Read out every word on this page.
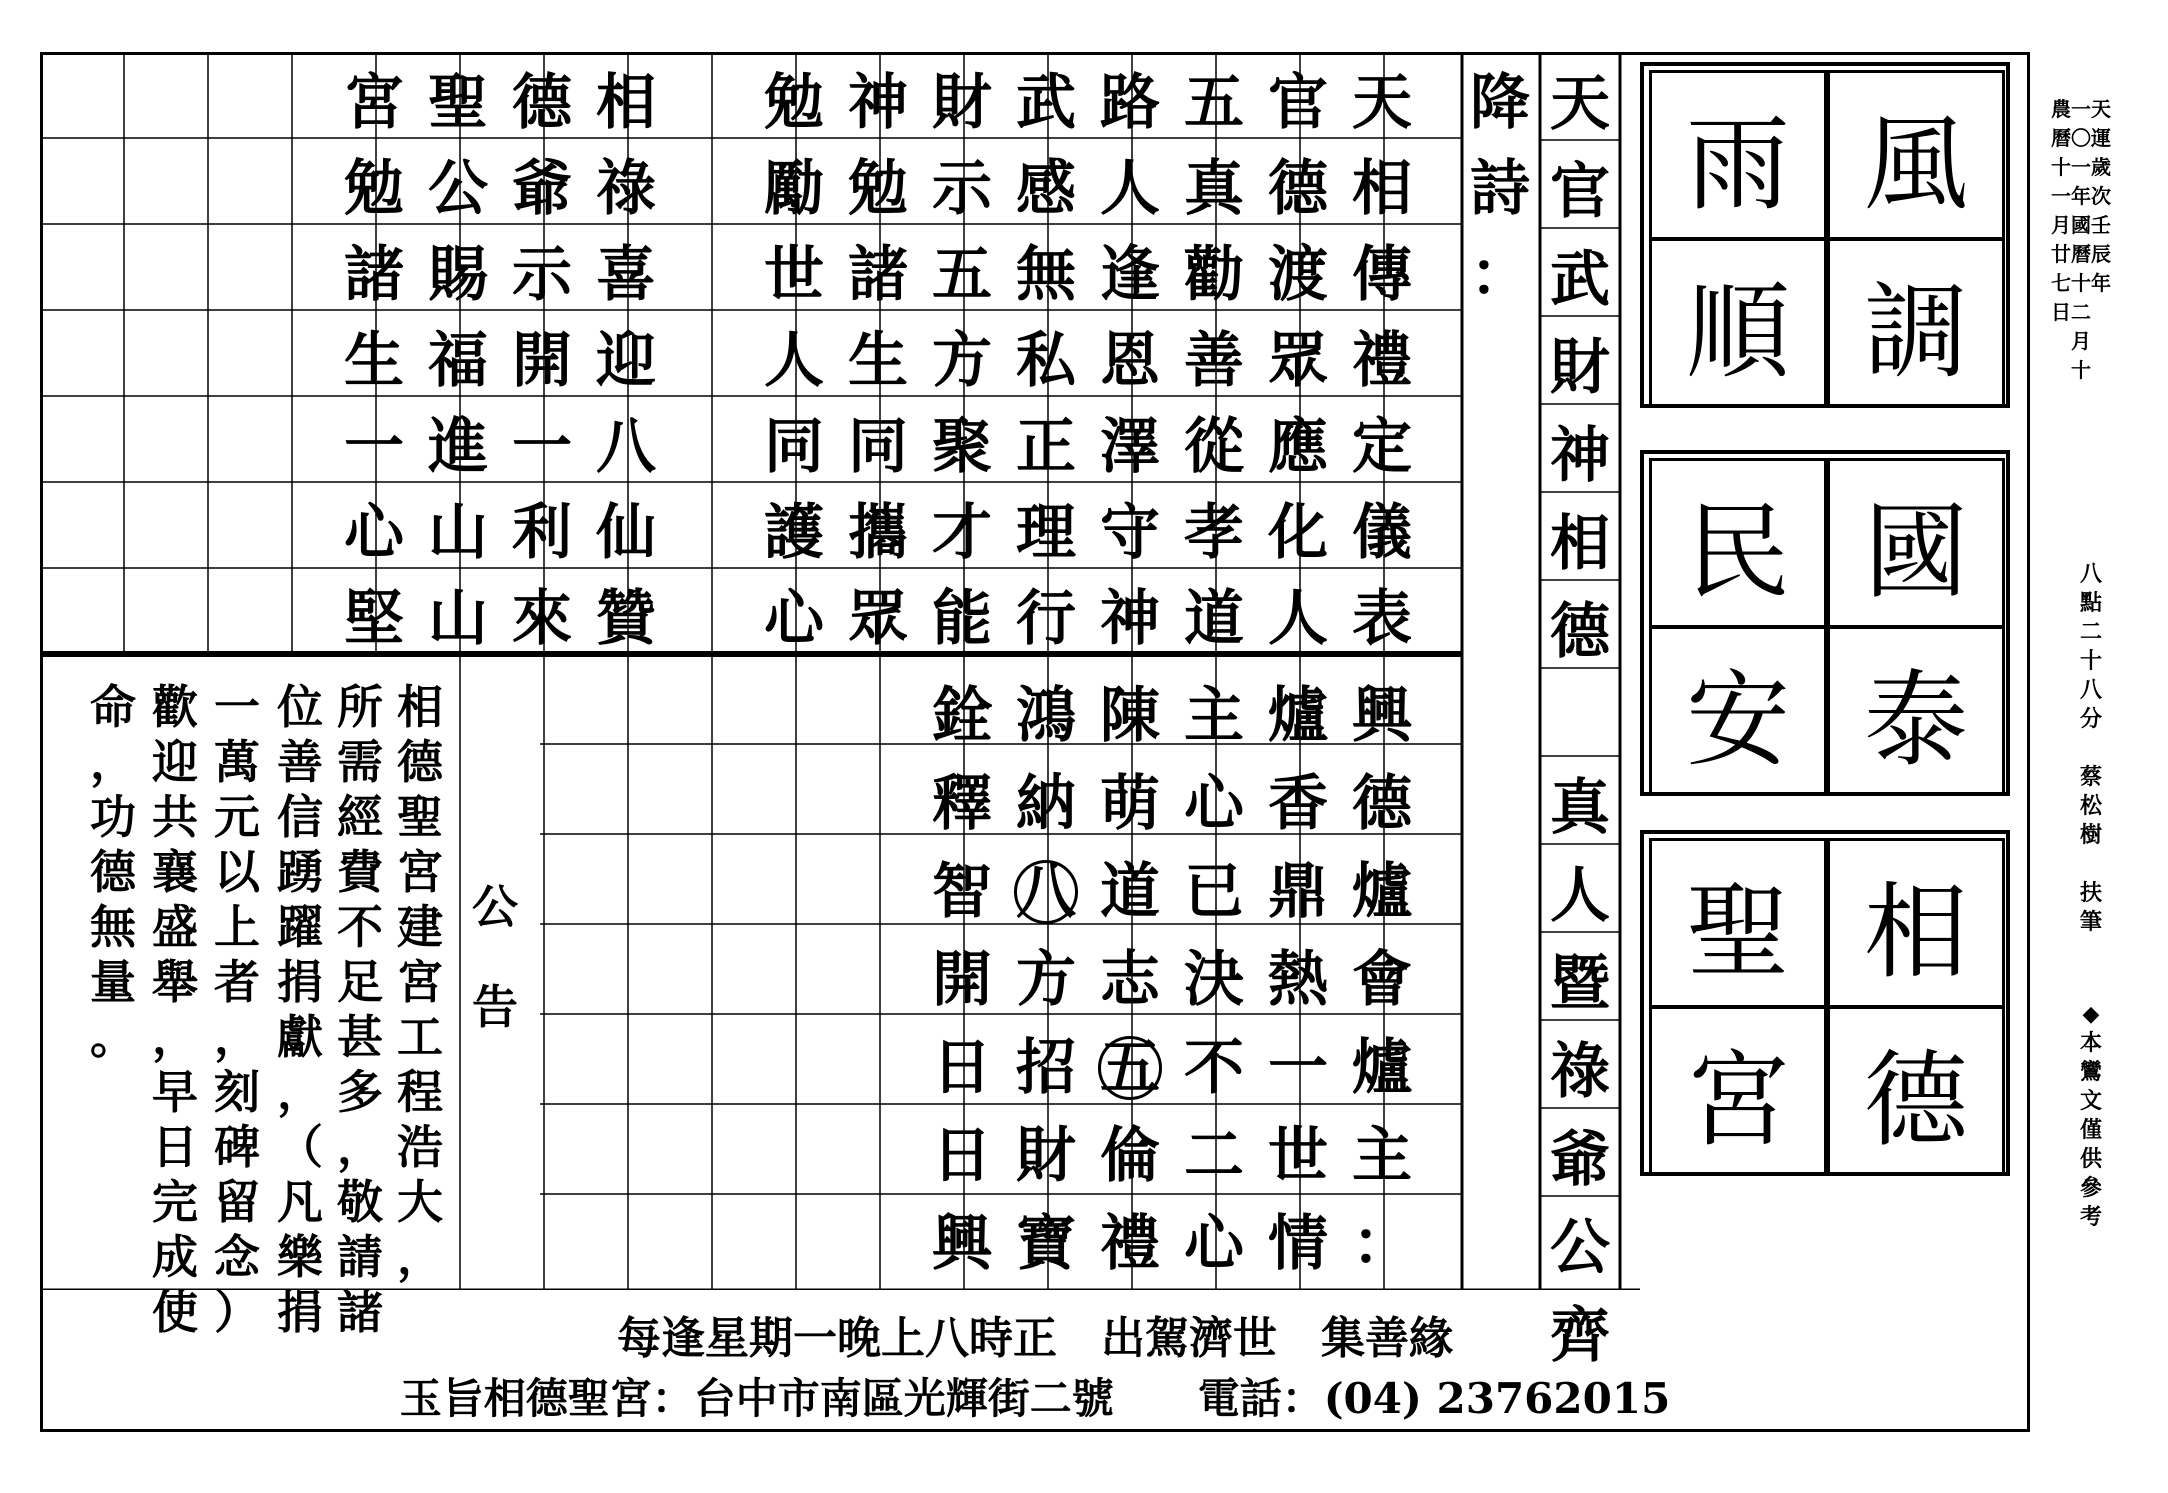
天
官
武
財
神
相
德
真
人
暨
祿
爺
公
齊
降
詩
：
天
相
傳
禮
定
儀
表
官
德
渡
眾
應
化
人
五
真
勸
善
從
孝
道
路
人
逢
恩
澤
守
神
武
感
無
私
正
理
行
財
示
五
方
聚
才
能
神
勉
諸
生
同
攜
眾
勉
勵
世
人
同
護
心
相
祿
喜
迎
八
仙
贊
德
爺
示
開
一
利
來
聖
公
賜
福
進
山
山
宮
勉
諸
生
一
心
堅
興
德
爐
會
爐
主
：
爐
香
鼎
熱
一
世
情
主
心
已
決
不
二
心
陳
萌
道
志
五
倫
禮
鴻
納
八
方
招
財
寶
銓
釋
智
開
日
日
興
公

告
相
德
聖
宮
建
宮
工
程
浩
大
，
所
需
經
費
不
足
甚
多
，
敬
請
諸
位
善
信
踴
躍
捐
獻
，
（
凡
樂
捐
一
萬
元
以
上
者
，
刻
碑
留
念
）
歡
迎
共
襄
盛
舉
，
早
日
完
成
使
命
，
功
德
無
量
。
風
調
雨
順
國
泰
民
安
相
德
聖
宮
天
運
歲
次
壬
辰
年
一
〇
一
年
國
曆
十
二
月
十
農
曆
十
一
月
廿
七
日
八
點
二
十
八
分

蔡
松
樹

扶
筆
◆
本
鸞
文
僅
供
參
考
每逢星期一晚上八時正　出駕濟世　集善緣
玉旨相德聖宮：台中市南區光輝街二號　　電話：(04) 23762015
